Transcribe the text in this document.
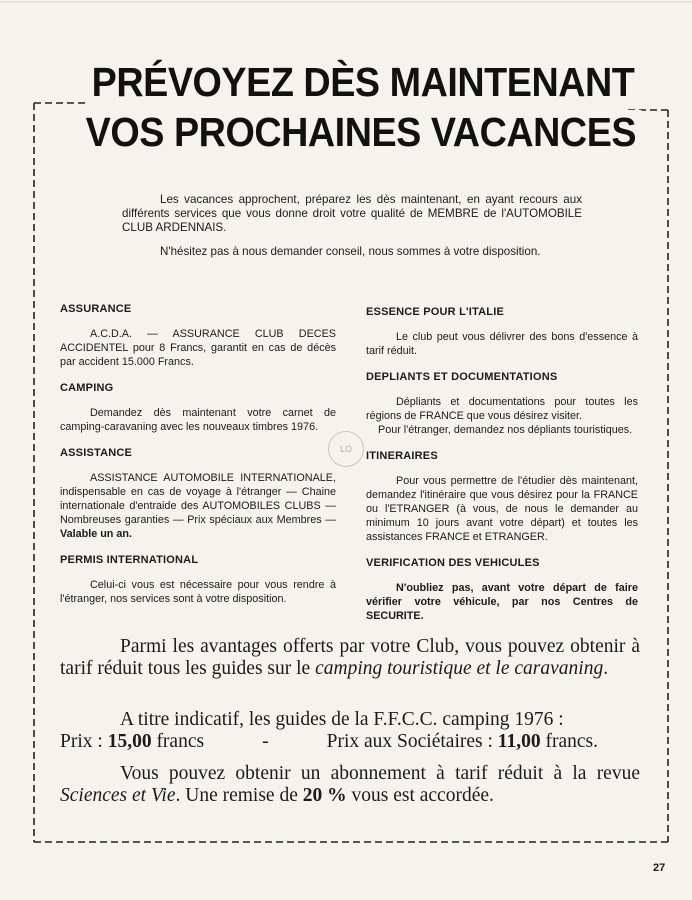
PRÉVOYEZ DÈS MAINTENANT
VOS PROCHAINES VACANCES

Les vacances approchent, préparez les dès maintenant, en ayant recours aux différents services que vous donne droit votre qualité de MEMBRE de l'AUTOMOBILE CLUB ARDENNAIS.

N'hésitez pas à nous demander conseil, nous sommes à votre disposition.

ASSURANCE

A.C.D.A. — ASSURANCE CLUB DECES ACCIDENTEL pour 8 Francs, garantit en cas de décès par accident 15.000 Francs.

CAMPING

Demandez dès maintenant votre carnet de camping-caravaning avec les nouveaux timbres 1976.

ASSISTANCE

ASSISTANCE AUTOMOBILE INTERNATIONALE, indispensable en cas de voyage à l'étranger — Chaine internationale d'entraide des AUTOMOBILES CLUBS — Nombreuses garanties — Prix spéciaux aux Membres — Valable un an.

PERMIS INTERNATIONAL

Celui-ci vous est nécessaire pour vous rendre à l'étranger, nos services sont à votre disposition.

LO
ESSENCE POUR L'ITALIE

Le club peut vous délivrer des bons d'essence à tarif réduit.

DEPLIANTS ET DOCUMENTATIONS

Dépliants et documentations pour toutes les régions de FRANCE que vous désirez visiter.

Pour l'étranger, demandez nos dépliants touristiques.

ITINERAIRES

Pour vous permettre de l'étudier dès maintenant, demandez l'itinéraire que vous désirez pour la FRANCE ou l'ETRANGER (à vous, de nous le demander au minimum 10 jours avant votre départ) et toutes les assistances FRANCE et ETRANGER.

VERIFICATION DES VEHICULES

N'oubliez pas, avant votre départ de faire vérifier votre véhicule, par nos Centres de SECURITE.

Parmi les avantages offerts par votre Club, vous pouvez obtenir à tarif réduit tous les guides sur le camping touristique et le caravaning.

A titre indicatif, les guides de la F.F.C.C. camping 1976 :

Prix : 15,00 francs	-	Prix aux Sociétaires : 11,00 francs.

Vous pouvez obtenir un abonnement à tarif réduit à la revue Sciences et Vie. Une remise de 20 % vous est accordée.

27
